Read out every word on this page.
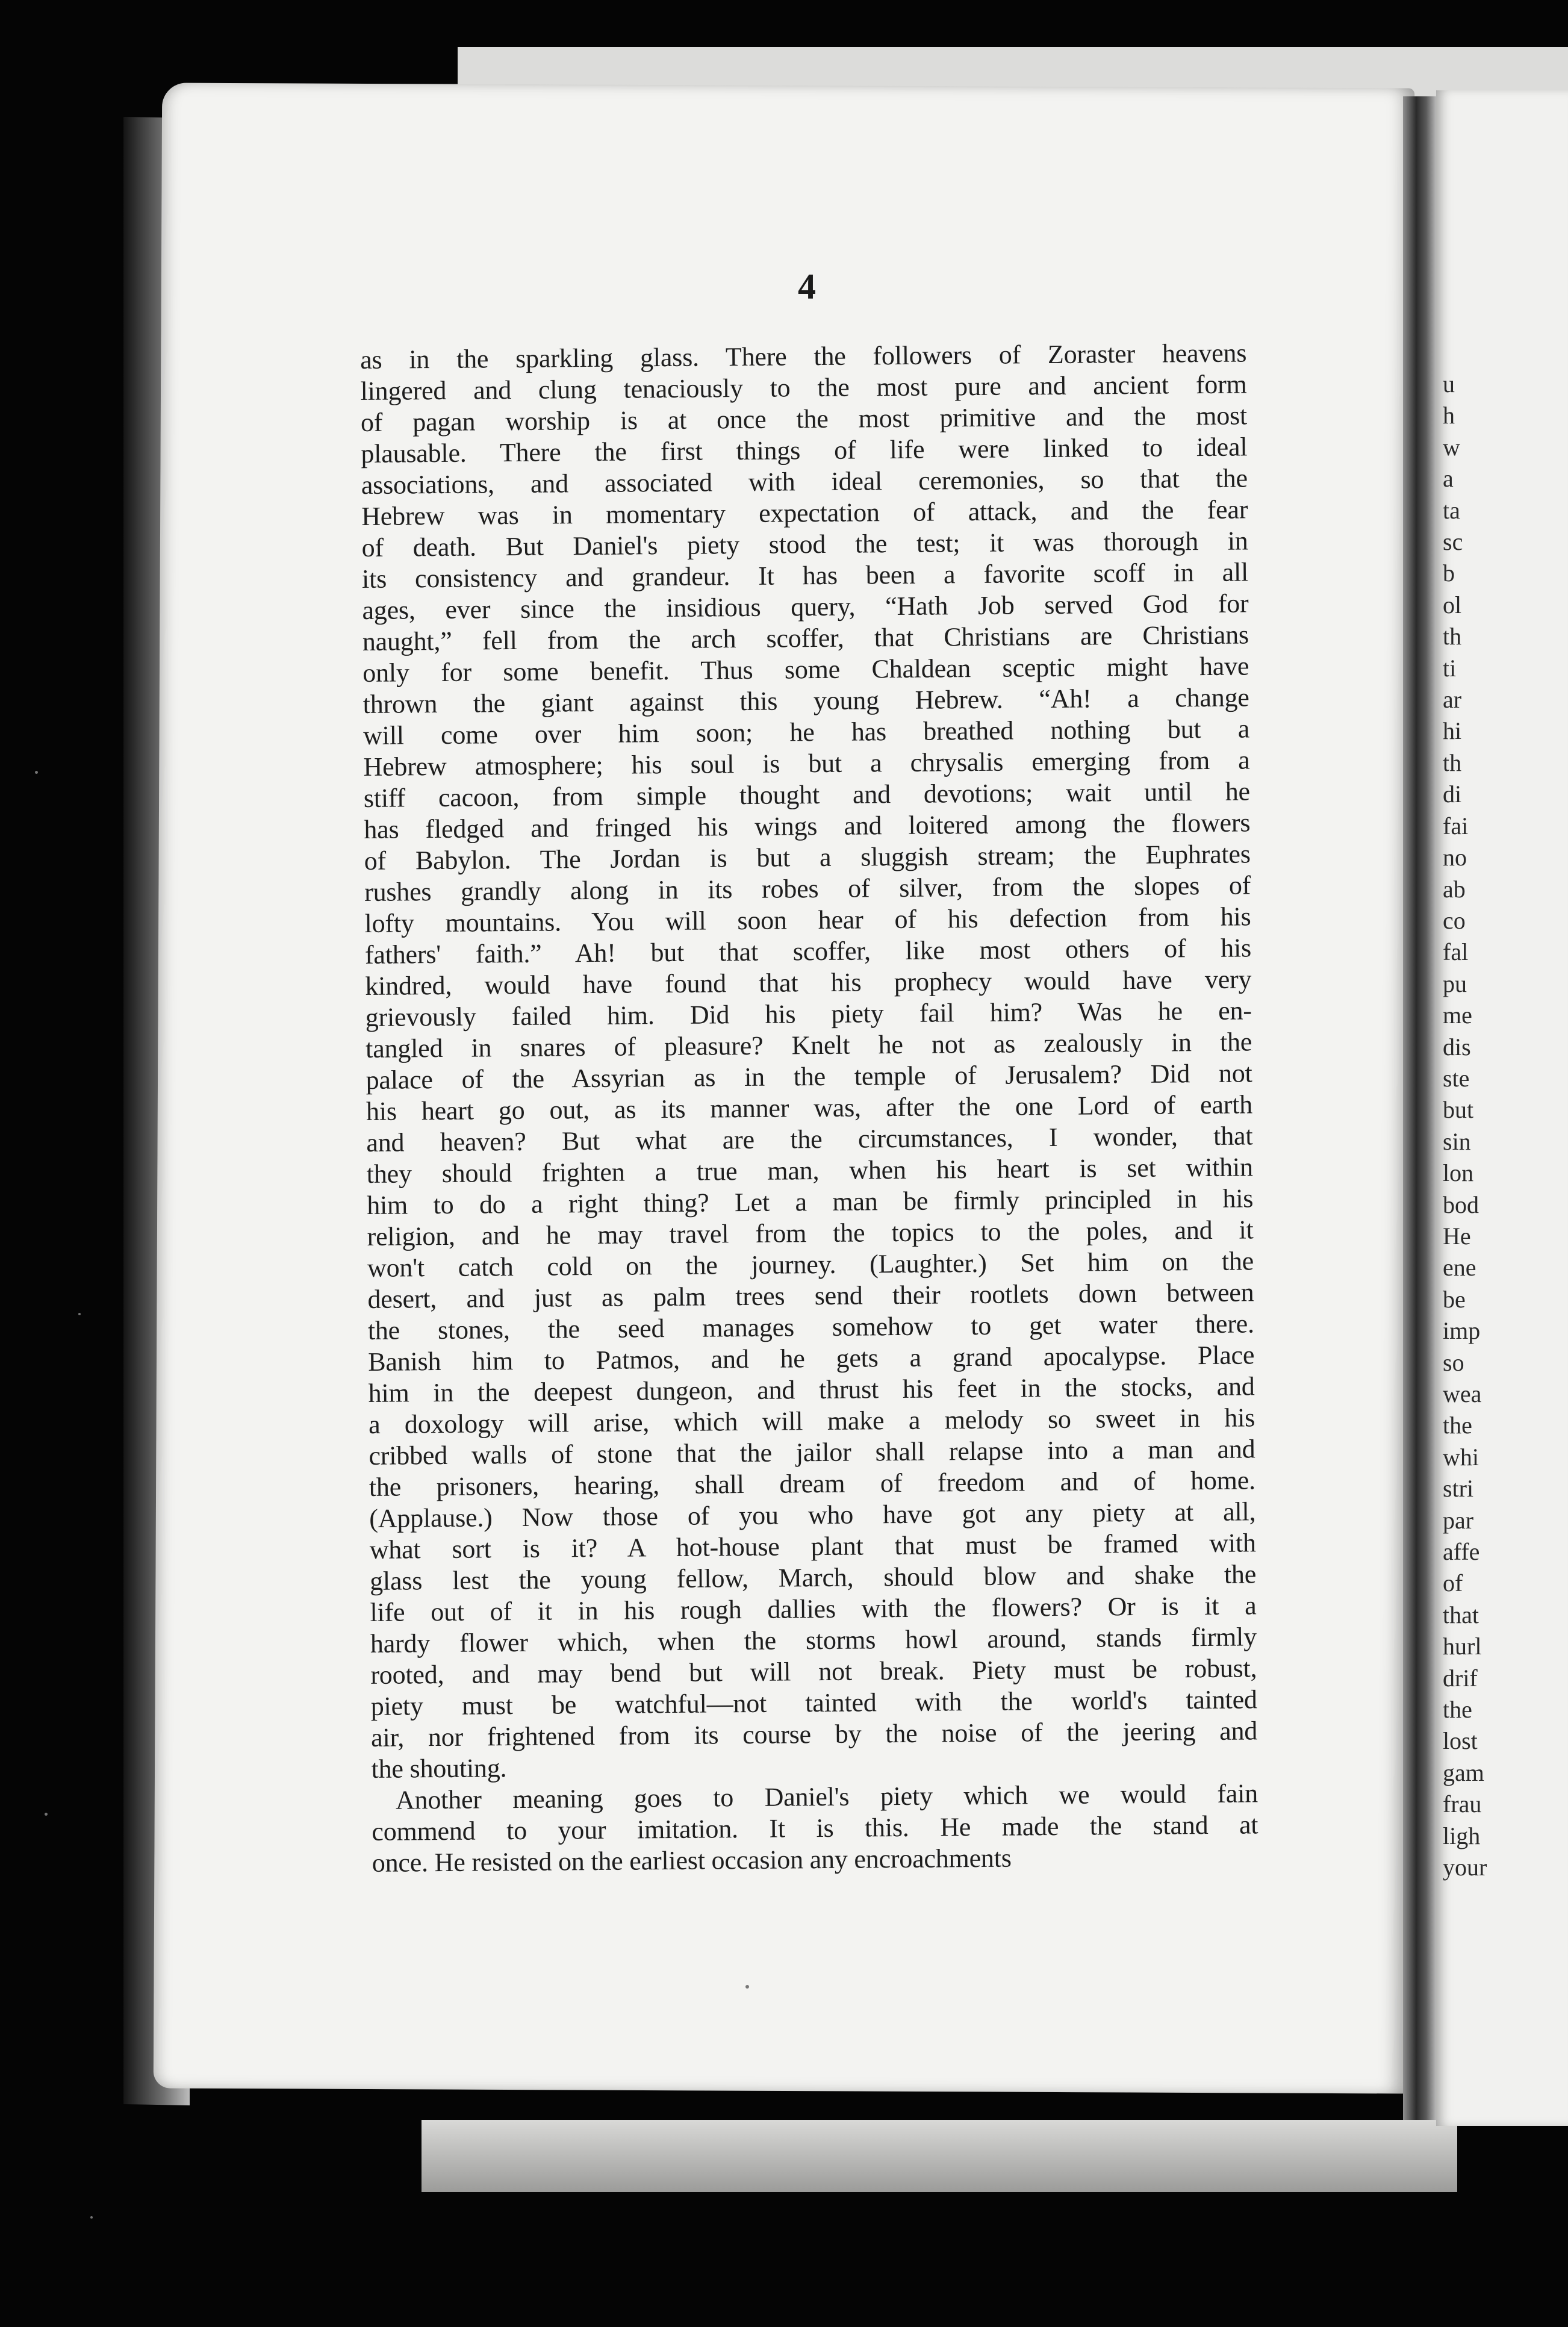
u
h
w
a
ta
sc
b
ol
th
ti
ar
hi
th
di
fai
no
ab
co
fal
pu
me
dis
ste
but
sin
lon
bod
He
ene
be
imp
so
wea
the
whi
stri
par
affe
of
that
hurl
drif
the
lost
gam
frau
ligh
your
4
as in the sparkling glass. There the followers of Zoraster heavens
lingered and clung tenaciously to the most pure and ancient form
of pagan worship is at once the most primitive and the most
plausable. There the first things of life were linked to ideal
associations, and associated with ideal ceremonies, so that the
Hebrew was in momentary expectation of attack, and the fear
of death. But Daniel's piety stood the test; it was thorough in
its consistency and grandeur. It has been a favorite scoff in all
ages, ever since the insidious query, “Hath Job served God for
naught,” fell from the arch scoffer, that Christians are Christians
only for some benefit. Thus some Chaldean sceptic might have
thrown the giant against this young Hebrew. “Ah! a change
will come over him soon; he has breathed nothing but a
Hebrew atmosphere; his soul is but a chrysalis emerging from a
stiff cacoon, from simple thought and devotions; wait until he
has fledged and fringed his wings and loitered among the flowers
of Babylon. The Jordan is but a sluggish stream; the Euphrates
rushes grandly along in its robes of silver, from the slopes of
lofty mountains. You will soon hear of his defection from his
fathers' faith.” Ah! but that scoffer, like most others of his
kindred, would have found that his prophecy would have very
grievously failed him. Did his piety fail him? Was he en-
tangled in snares of pleasure? Knelt he not as zealously in the
palace of the Assyrian as in the temple of Jerusalem? Did not
his heart go out, as its manner was, after the one Lord of earth
and heaven? But what are the circumstances, I wonder, that
they should frighten a true man, when his heart is set within
him to do a right thing? Let a man be firmly principled in his
religion, and he may travel from the topics to the poles, and it
won't catch cold on the journey. (Laughter.) Set him on the
desert, and just as palm trees send their rootlets down between
the stones, the seed manages somehow to get water there.
Banish him to Patmos, and he gets a grand apocalypse. Place
him in the deepest dungeon, and thrust his feet in the stocks, and
a doxology will arise, which will make a melody so sweet in his
cribbed walls of stone that the jailor shall relapse into a man and
the prisoners, hearing, shall dream of freedom and of home.
(Applause.) Now those of you who have got any piety at all,
what sort is it? A hot-house plant that must be framed with
glass lest the young fellow, March, should blow and shake the
life out of it in his rough dallies with the flowers? Or is it a
hardy flower which, when the storms howl around, stands firmly
rooted, and may bend but will not break. Piety must be robust,
piety must be watchful—not tainted with the world's tainted
air, nor frightened from its course by the noise of the jeering and
the shouting.
Another meaning goes to Daniel's piety which we would fain
commend to your imitation. It is this. He made the stand at
once. He resisted on the earliest occasion any encroachments
